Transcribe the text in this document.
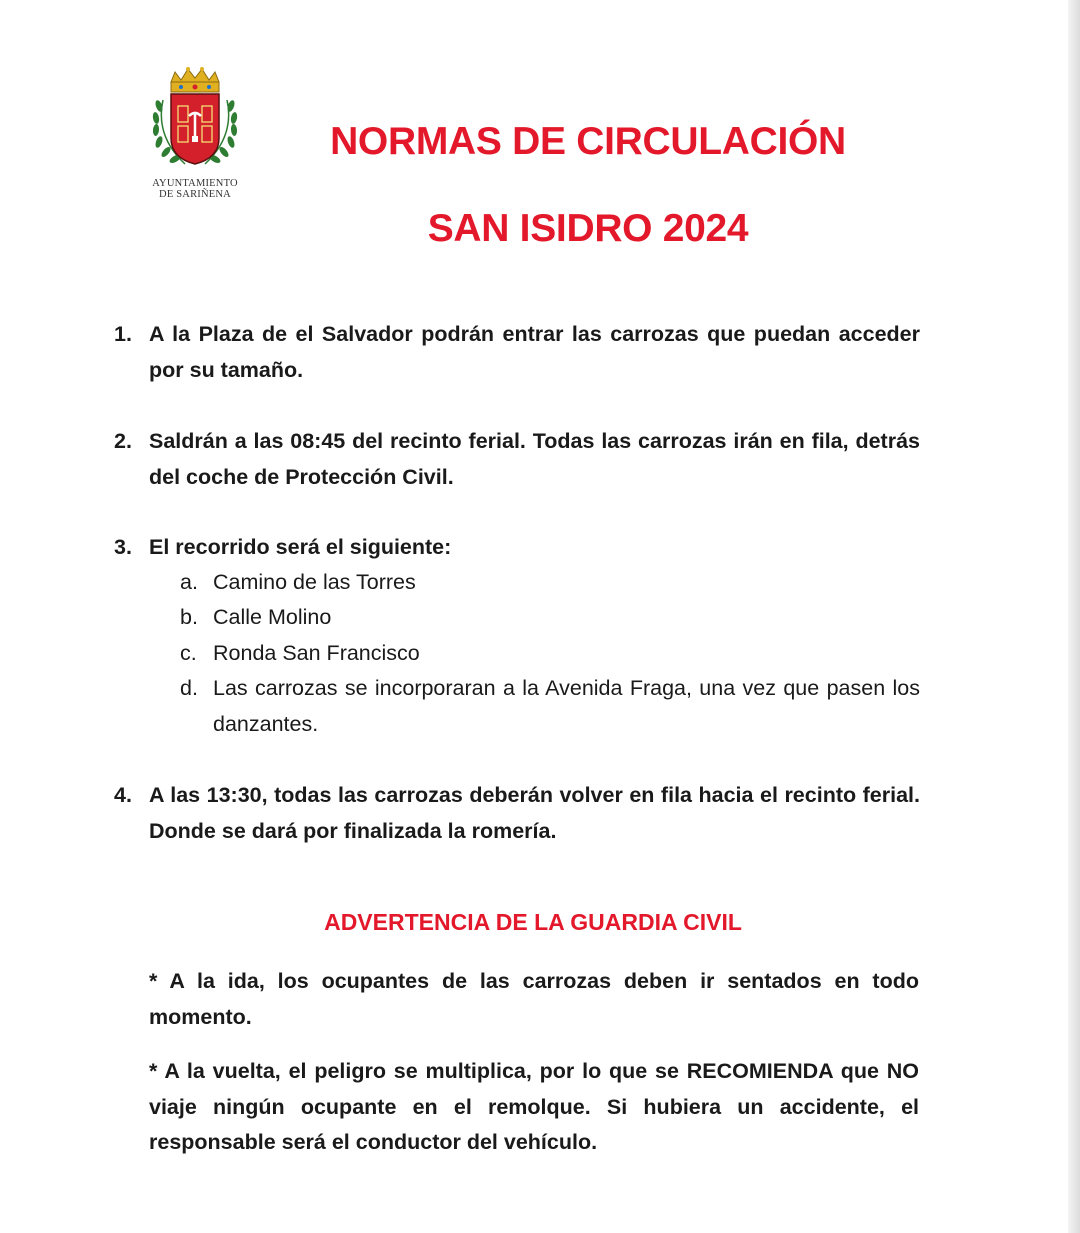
AYUNTAMIENTO
DE SARIÑENA
NORMAS DE CIRCULACIÓN
SAN ISIDRO 2024
1. A la Plaza de el Salvador podrán entrar las carrozas que puedan acceder por su tamaño.
2. Saldrán a las 08:45 del recinto ferial. Todas las carrozas irán en fila, detrás del coche de Protección Civil.
3. El recorrido será el siguiente:
a. Camino de las Torres
b. Calle Molino
c. Ronda San Francisco
d. Las carrozas se incorporaran a la Avenida Fraga, una vez que pasen los danzantes.
4. A las 13:30, todas las carrozas deberán volver en fila hacia el recinto ferial. Donde se dará por finalizada la romería.
ADVERTENCIA DE LA GUARDIA CIVIL
* A la ida, los ocupantes de las carrozas deben ir sentados en todo momento.
* A la vuelta, el peligro se multiplica, por lo que se RECOMIENDA que NO viaje ningún ocupante en el remolque. Si hubiera un accidente, el responsable será el conductor del vehículo.
